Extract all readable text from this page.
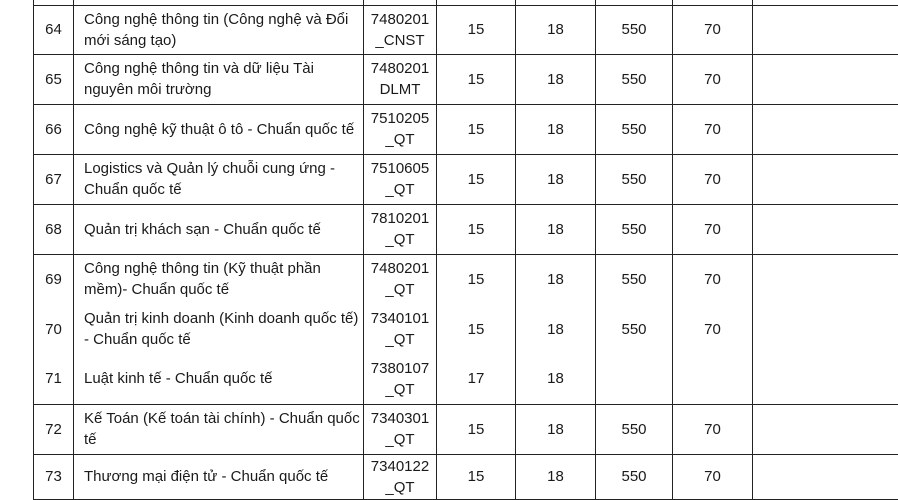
64	Công nghệ thông tin (Công nghệ và Đổi mới sáng tạo)	7480201 _CNST	15	18	550	70	
65	Công nghệ thông tin và dữ liệu Tài nguyên môi trường	7480201 DLMT	15	18	550	70	
66	Công nghệ kỹ thuật ô tô - Chuẩn quốc tế	7510205 _QT	15	18	550	70	
67	Logistics và Quản lý chuỗi cung ứng - Chuẩn quốc tế	7510605 _QT	15	18	550	70	
68	Quản trị khách sạn - Chuẩn quốc tế	7810201 _QT	15	18	550	70	
69	Công nghệ thông tin (Kỹ thuật phần mềm)- Chuẩn quốc tế	7480201 _QT	15	18	550	70	
70	Quản trị kinh doanh (Kinh doanh quốc tế) - Chuẩn quốc tế	7340101 _QT	15	18	550	70	
71	Luật kinh tế - Chuẩn quốc tế	7380107 _QT	17	18			
72	Kế Toán (Kế toán tài chính) - Chuẩn quốc tế	7340301 _QT	15	18	550	70	
73	Thương mại điện tử - Chuẩn quốc tế	7340122 _QT	15	18	550	70	
